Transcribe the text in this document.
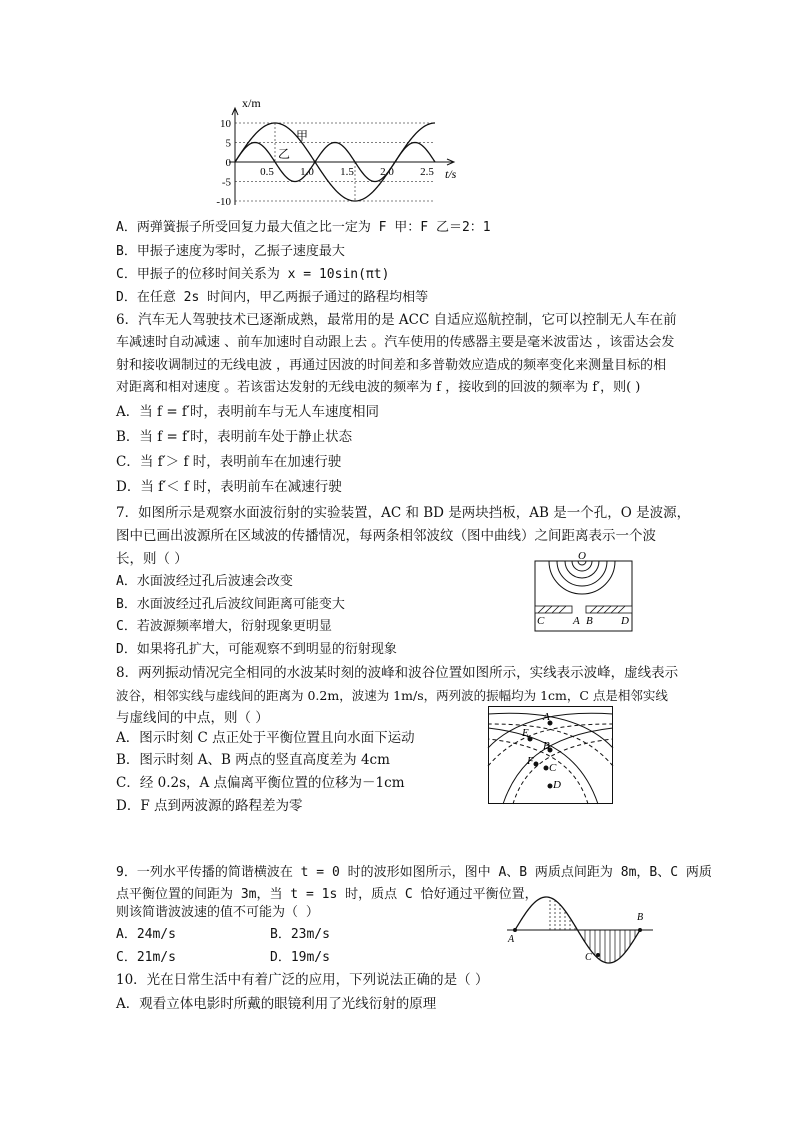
10
5
0
-5
-10
0.5 1.0 1.5 2.0 2.5
x/m
t/s
甲
乙
A．两弹簧振子所受回复力最大值之比一定为 F 甲：F 乙＝2：1
B．甲振子速度为零时，乙振子速度最大
C．甲振子的位移时间关系为 x = 10sin(πt)
D．在任意 2s 时间内，甲乙两振子通过的路程均相等
6．汽车无人驾驶技术已逐渐成熟，最常用的是 ACC 自适应巡航控制，它可以控制无人车在前
车减速时自动减速 、前车加速时自动跟上去 。汽车使用的传感器主要是毫米波雷达 ，该雷达会发
射和接收调制过的无线电波 ，再通过因波的时间差和多普勒效应造成的频率变化来测量目标的相
对距离和相对速度 。若该雷达发射的无线电波的频率为 f ，接收到的回波的频率为 f′，则( )
A．当 f = f′时，表明前车与无人车速度相同
B．当 f = f′时，表明前车处于静止状态
C．当 f′＞ f 时，表明前车在加速行驶
D．当 f′＜ f 时，表明前车在减速行驶
7．如图所示是观察水面波衍射的实验装置，AC 和 BD 是两块挡板，AB 是一个孔，O 是波源，
图中已画出波源所在区域波的传播情况，每两条相邻波纹（图中曲线）之间距离表示一个波
长，则（ ）
A．水面波经过孔后波速会改变
B．水面波经过孔后波纹间距离可能变大
C．若波源频率增大，衍射现象更明显
D．如果将孔扩大，可能观察不到明显的衍射现象
O
C	A B	D
8．两列振动情况完全相同的水波某时刻的波峰和波谷位置如图所示，实线表示波峰，虚线表示
波谷，相邻实线与虚线间的距离为 0.2m，波速为 1m/s，两列波的振幅均为 1cm，C 点是相邻实线
与虚线间的中点，则（ ）
A．图示时刻 C 点正处于平衡位置且向水面下运动
B．图示时刻 A、B 两点的竖直高度差为 4cm
C．经 0.2s，A 点偏离平衡位置的位移为－1cm
D．F 点到两波源的路程差为零
A
E
B
F
C
D
9．一列水平传播的简谐横波在 t = 0 时的波形如图所示，图中 A、B 两质点间距为 8m，B、C 两质
点平衡位置的间距为 3m，当 t = 1s 时，质点 C 恰好通过平衡位置，
则该简谐波波速的值不可能为（ ）
A．24m/s	B．23m/s
C．21m/s	D．19m/s
A
B
C
10．光在日常生活中有着广泛的应用，下列说法正确的是（ ）
A．观看立体电影时所戴的眼镜利用了光线衍射的原理
